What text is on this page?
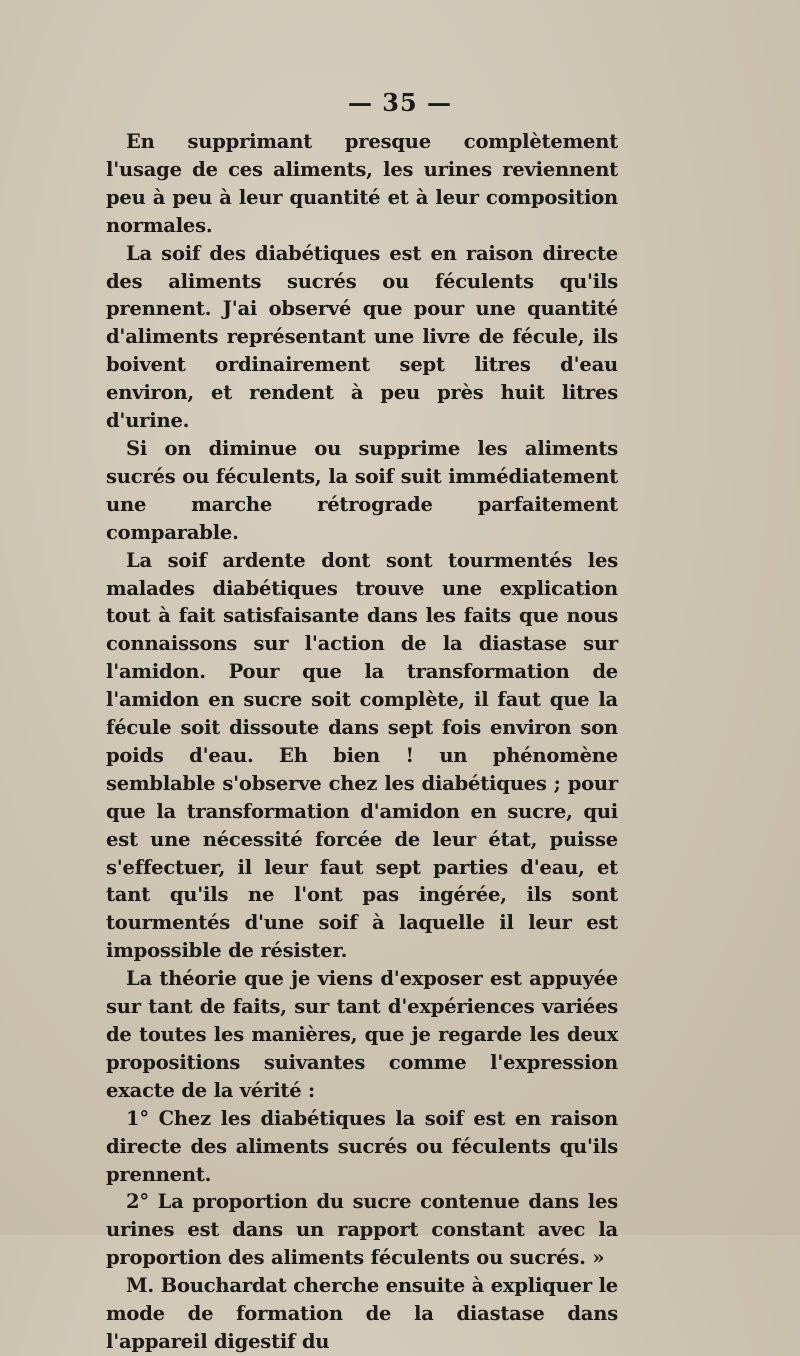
— 35 —

En supprimant presque complètement l'usage de ces aliments, les urines reviennent peu à peu à leur quantité et à leur composition normales.

La soif des diabétiques est en raison directe des aliments sucrés ou féculents qu'ils prennent. J'ai observé que pour une quantité d'aliments représentant une livre de fécule, ils boivent ordinairement sept litres d'eau environ, et rendent à peu près huit litres d'urine.

Si on diminue ou supprime les aliments sucrés ou féculents, la soif suit immédiatement une marche rétrograde parfaitement comparable.

La soif ardente dont sont tourmentés les malades diabétiques trouve une explication tout à fait satisfaisante dans les faits que nous connaissons sur l'action de la diastase sur l'amidon. Pour que la transformation de l'amidon en sucre soit complète, il faut que la fécule soit dissoute dans sept fois environ son poids d'eau. Eh bien ! un phénomène semblable s'observe chez les diabétiques ; pour que la transformation d'amidon en sucre, qui est une nécessité forcée de leur état, puisse s'effectuer, il leur faut sept parties d'eau, et tant qu'ils ne l'ont pas ingérée, ils sont tourmentés d'une soif à laquelle il leur est impossible de résister.

La théorie que je viens d'exposer est appuyée sur tant de faits, sur tant d'expériences variées de toutes les manières, que je regarde les deux propositions suivantes comme l'expression exacte de la vérité :

1° Chez les diabétiques la soif est en raison directe des aliments sucrés ou féculents qu'ils prennent.

2° La proportion du sucre contenue dans les urines est dans un rapport constant avec la proportion des aliments féculents ou sucrés. »

M. Bouchardat cherche ensuite à expliquer le mode de formation de la diastase dans l'appareil digestif du
